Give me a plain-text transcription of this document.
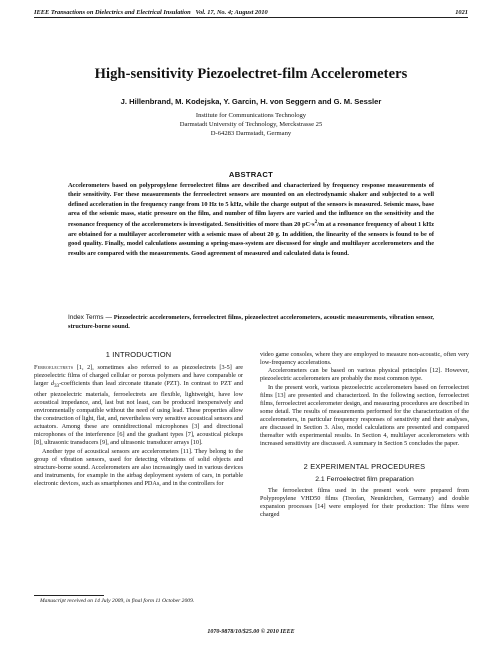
IEEE Transactions on Dielectrics and Electrical Insulation Vol. 17, No. 4; August 2010	1021
High-sensitivity Piezoelectret-film Accelerometers
J. Hillenbrand, M. Kodejska, Y. Garcin, H. von Seggern and G. M. Sessler
Institute for Communications Technology
Darmstadt University of Technology, Merckstrasse 25
D-64283 Darmstadt, Germany
ABSTRACT

Accelerometers based on polypropylene ferroelectret films are described and characterized by frequency response measurements of their sensitivity. For these measurements the ferroelectret sensors are mounted on an electrodynamic shaker and subjected to a well defined acceleration in the frequency range from 10 Hz to 5 kHz, while the charge output of the sensors is measured. Seismic mass, base area of the seismic mass, static pressure on the film, and number of film layers are varied and the influence on the sensitivity and the resonance frequency of the accelerometers is investigated. Sensitivities of more than 20 $pC\cdot s^2/m$ at a resonance frequency of about 1 kHz are obtained for a multilayer accelerometer with a seismic mass of about 20 g. In addition, the linearity of the sensors is found to be of good quality. Finally, model calculations assuming a spring-mass-system are discussed for single and multilayer accelerometers and the results are compared with the measurements. Good agreement of measured and calculated data is found.

Index Terms — Piezoelectric accelerometers, ferroelectret films, piezoelectret accelerometers, acoustic measurements, vibration sensor, structure-borne sound.
1 INTRODUCTION

Ferroelectrets [1, 2], sometimes also referred to as piezoelectrets [3-5] are piezoelectric films of charged cellular or porous polymers and have comparable or larger $d_{33}$-coefficients than lead zirconate titanate (PZT). In contrast to PZT and other piezoelectric materials, ferroelectrets are flexible, lightweight, have low acoustical impedance, and, last but not least, can be produced inexpensively and environmentally compatible without the need of using lead. These properties allow the construction of light, flat, and, nevertheless very sensitive acoustical sensors and actuators. Among these are omnidirectional microphones [3] and directional microphones of the interference [6] and the gradiant types [7], acoustical pickups [8], ultrasonic transducers [9], and ultrasonic transducer arrays [10].

Another type of acoustical sensors are accelerometers [11]. They belong to the group of vibration sensors, used for detecting vibrations of solid objects and structure-borne sound. Accelerometers are also increasingly used in various devices and instruments, for example in the airbag deployment system of cars, in portable electronic devices, such as smartphones and PDAs, and in the controllers for

video game consoles, where they are employed to measure non-acoustic, often very low-frequency accelerations.

Accelerometers can be based on various physical principles [12]. However, piezoelectric accelerometers are probably the most common type.

In the present work, various piezoelectric accelerometers based on ferroelectret films [13] are presented and characterized. In the following section, ferroelectret films, ferroelectret accelerometer design, and measuring procedures are described in some detail. The results of measurements performed for the characterization of the accelerometers, in particular frequency responses of sensitivity and their analyses, are discussed in Section 3. Also, model calculations are presented and compared thereafter with experimental results. In Section 4, multilayer accelerometers with increased sensitivity are discussed. A summary in Section 5 concludes the paper.

2 EXPERIMENTAL PROCEDURES
2.1 Ferroelectret film preparation

The ferroelectret films used in the present work were prepared from Polypropylene VHD50 films (Treofan, Neunkirchen, Germany) and double expansion processes [14] were employed for their production: The films were charged

Manuscript received on 14 July 2009, in final form 11 October 2009.
1070-9878/10/$25.00 © 2010 IEEE
